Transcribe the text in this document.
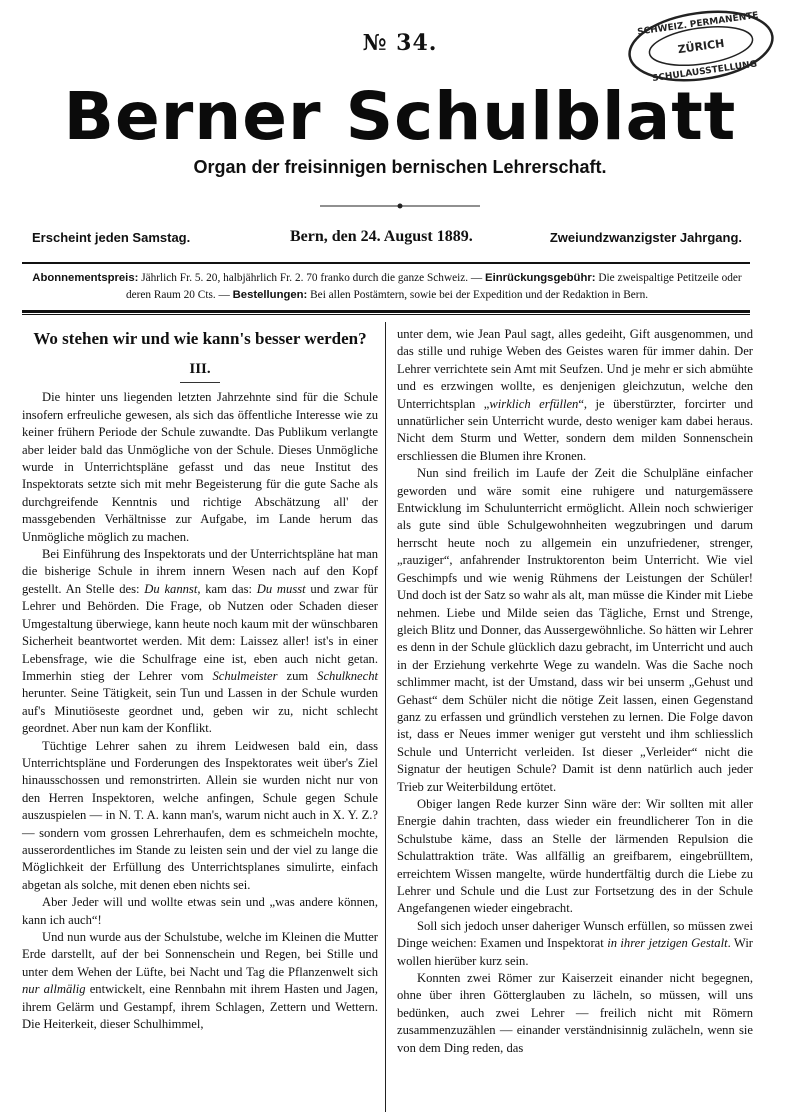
№ 34.
SCHWEIZ. PERMANENTE
ZÜRICH
SCHULAUSSTELLUNG
Berner Schulblatt
Organ der freisinnigen bernischen Lehrerschaft.
Erscheint jeden Samstag.	Bern, den 24. August 1889.	Zweiundzwanzigster Jahrgang.
Abonnementspreis: Jährlich Fr. 5. 20, halbjährlich Fr. 2. 70 franko durch die ganze Schweiz. — Einrückungsgebühr: Die zweispaltige Petitzeile oder deren Raum 20 Cts. — Bestellungen: Bei allen Postämtern, sowie bei der Expedition und der Redaktion in Bern.
Wo stehen wir und wie kann's besser werden?
III.

Die hinter uns liegenden letzten Jahrzehnte sind für die Schule insofern erfreuliche gewesen, als sich das öffentliche Interesse wie zu keiner frühern Periode der Schule zuwandte. Das Publikum verlangte aber leider bald das Unmögliche von der Schule. Dieses Unmögliche wurde in Unterrichtspläne gefasst und das neue Institut des Inspektorats setzte sich mit mehr Begeisterung für die gute Sache als durchgreifende Kenntnis und richtige Abschätzung all' der massgebenden Verhältnisse zur Aufgabe, im Lande herum das Unmögliche möglich zu machen.

Bei Einführung des Inspektorats und der Unterrichtspläne hat man die bisherige Schule in ihrem innern Wesen nach auf den Kopf gestellt. An Stelle des: Du kannst, kam das: Du musst und zwar für Lehrer und Behörden. Die Frage, ob Nutzen oder Schaden dieser Umgestaltung überwiege, kann heute noch kaum mit der wünschbaren Sicherheit beantwortet werden. Mit dem: Laissez aller! ist's in einer Lebensfrage, wie die Schulfrage eine ist, eben auch nicht getan. Immerhin stieg der Lehrer vom Schulmeister zum Schulknecht herunter. Seine Tätigkeit, sein Tun und Lassen in der Schule wurden auf's Minutiöseste geordnet und, geben wir zu, nicht schlecht geordnet. Aber nun kam der Konflikt.

Tüchtige Lehrer sahen zu ihrem Leidwesen bald ein, dass Unterrichtspläne und Forderungen des Inspektorates weit über's Ziel hinausschossen und remonstrirten. Allein sie wurden nicht nur von den Herren Inspektoren, welche anfingen, Schule gegen Schule auszuspielen — in N. T. A. kann man's, warum nicht auch in X. Y. Z.? — sondern vom grossen Lehrerhaufen, dem es schmeicheln mochte, ausserordentliches im Stande zu leisten sein und der viel zu lange die Möglichkeit der Erfüllung des Unterrichtsplanes simulirte, einfach abgetan als solche, mit denen eben nichts sei.

Aber Jeder will und wollte etwas sein und „was andere können, kann ich auch“!

Und nun wurde aus der Schulstube, welche im Kleinen die Mutter Erde darstellt, auf der bei Sonnenschein und Regen, bei Stille und unter dem Wehen der Lüfte, bei Nacht und Tag die Pflanzenwelt sich nur allmälig entwickelt, eine Rennbahn mit ihrem Hasten und Jagen, ihrem Gelärm und Gestampf, ihrem Schlagen, Zettern und Wettern. Die Heiterkeit, dieser Schulhimmel,

unter dem, wie Jean Paul sagt, alles gedeiht, Gift ausgenommen, und das stille und ruhige Weben des Geistes waren für immer dahin. Der Lehrer verrichtete sein Amt mit Seufzen. Und je mehr er sich abmühte und es erzwingen wollte, es denjenigen gleichzutun, welche den Unterrichtsplan „wirklich erfüllen“, je überstürzter, forcirter und unnatürlicher sein Unterricht wurde, desto weniger kam dabei heraus. Nicht dem Sturm und Wetter, sondern dem milden Sonnenschein erschliessen die Blumen ihre Kronen.

Nun sind freilich im Laufe der Zeit die Schulpläne einfacher geworden und wäre somit eine ruhigere und naturgemässere Entwicklung im Schulunterricht ermöglicht. Allein noch schwieriger als gute sind üble Schulgewohnheiten wegzubringen und darum herrscht heute noch zu allgemein ein unzufriedener, strenger, „rauziger“, anfahrender Instruktorenton beim Unterricht. Wie viel Geschimpfs und wie wenig Rühmens der Leistungen der Schüler! Und doch ist der Satz so wahr als alt, man müsse die Kinder mit Liebe nehmen. Liebe und Milde seien das Tägliche, Ernst und Strenge, gleich Blitz und Donner, das Aussergewöhnliche. So hätten wir Lehrer es denn in der Schule glücklich dazu gebracht, im Unterricht und auch in der Erziehung verkehrte Wege zu wandeln. Was die Sache noch schlimmer macht, ist der Umstand, dass wir bei unserm „Gehust und Gehast“ dem Schüler nicht die nötige Zeit lassen, einen Gegenstand ganz zu erfassen und gründlich verstehen zu lernen. Die Folge davon ist, dass er Neues immer weniger gut versteht und ihm schliesslich Schule und Unterricht verleiden. Ist dieser „Verleider“ nicht die Signatur der heutigen Schule? Damit ist denn natürlich auch jeder Trieb zur Weiterbildung ertötet.

Obiger langen Rede kurzer Sinn wäre der: Wir sollten mit aller Energie dahin trachten, dass wieder ein freundlicherer Ton in die Schulstube käme, dass an Stelle der lärmenden Repulsion die Schulattraktion träte. Was allfällig an greifbarem, eingebrülltem, erreichtem Wissen mangelte, würde hundertfältig durch die Liebe zu Lehrer und Schule und die Lust zur Fortsetzung des in der Schule Angefangenen wieder eingebracht.

Soll sich jedoch unser daheriger Wunsch erfüllen, so müssen zwei Dinge weichen: Examen und Inspektorat in ihrer jetzigen Gestalt. Wir wollen hierüber kurz sein.

Konnten zwei Römer zur Kaiserzeit einander nicht begegnen, ohne über ihren Götterglauben zu lächeln, so müssen, will uns bedünken, auch zwei Lehrer — freilich nicht mit Römern zusammenzuzählen — einander verständnisinnig zulächeln, wenn sie von dem Ding reden, das
